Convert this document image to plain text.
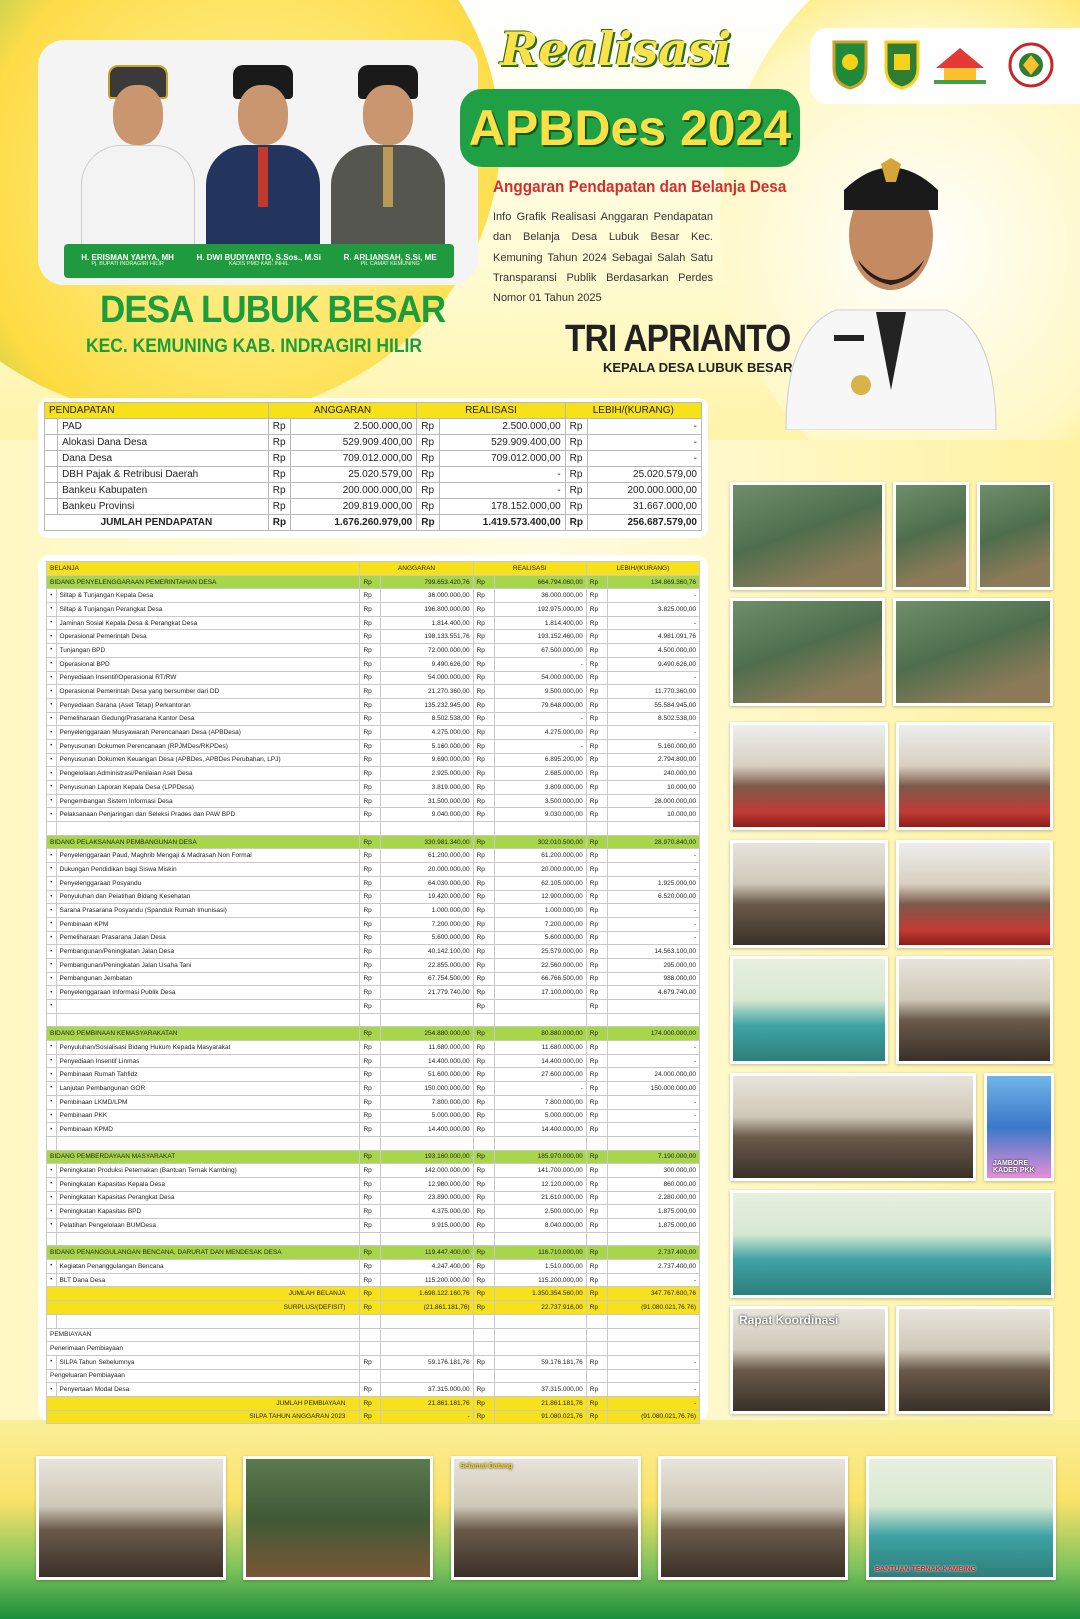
H. ERISMAN YAHYA, MH
Pj. BUPATI INDRAGIRI HILIR
H. DWI BUDIYANTO, S.Sos., M.Si
KADIS PMD KAB. INHIL
R. ARLIANSAH, S.Si, ME
Plt. CAMAT KEMUNING
DESA LUBUK BESAR
KEC. KEMUNING KAB. INDRAGIRI HILIR
Realisasi
APBDes 2024
Anggaran Pendapatan dan Belanja Desa
Info Grafik Realisasi Anggaran Pendapatan dan Belanja Desa Lubuk Besar Kec. Kemuning Tahun 2024 Sebagai Salah Satu Transparansi Publik Berdasarkan Perdes Nomor 01 Tahun 2025
TRI APRIANTO
KEPALA DESA LUBUK BESAR
PENDAPATAN		ANGGARAN		REALISASI		LEBIH/(KURANG)	
	PAD	Rp	2.500.000,00	Rp	2.500.000,00	Rp	-
	Alokasi Dana Desa	Rp	529.909.400,00	Rp	529.909.400,00	Rp	-
	Dana Desa	Rp	709.012.000,00	Rp	709.012.000,00	Rp	-
	DBH Pajak & Retribusi Daerah	Rp	25.020.579,00	Rp	-	Rp	25.020.579,00
	Bankeu Kabupaten	Rp	200.000.000,00	Rp	-	Rp	200.000.000,00
	Bankeu Provinsi	Rp	209.819.000,00	Rp	178.152.000,00	Rp	31.667.000,00
JUMLAH PENDAPATAN		Rp	1.676.260.979,00	Rp	1.419.573.400,00	Rp	256.687.579,00
BELANJA		ANGGARAN		REALISASI		LEBIH/(KURANG)	
BIDANG PENYELENGGARAAN PEMERINTAHAN DESA		Rp	799.653.420,76	Rp	664.794.060,00	Rp	134.869.360,76
•	Siltap & Tunjangan Kepala Desa	Rp	36.000.000,00	Rp	36.000.000,00	Rp	-
•	Siltap & Tunjangan Perangkat Desa	Rp	196.800.000,00	Rp	192.975.000,00	Rp	3.825.000,00
•	Jaminan Sosial Kepala Desa & Perangkat Desa	Rp	1.814.400,00	Rp	1.814.400,00	Rp	-
•	Operasional Pemerintah Desa	Rp	198.133.551,76	Rp	193.152.460,00	Rp	4.981.091,76
•	Tunjangan BPD	Rp	72.000.000,00	Rp	67.500.000,00	Rp	4.500.000,00
•	Operasional BPD	Rp	9.490.626,00	Rp	-	Rp	9.490.626,00
•	Penyediaan Insentif/Operasional RT/RW	Rp	54.000.000,00	Rp	54.000.000,00	Rp	-
•	Operasional Pemerintah Desa yang bersumber dari DD	Rp	21.270.360,00	Rp	9.500.000,00	Rp	11.770.360,00
•	Penyediaan Sarana (Aset Tetap) Perkantoran	Rp	135.232.945,00	Rp	79.648.000,00	Rp	55.584.945,00
•	Pemeliharaan Gedung/Prasarana Kantor Desa	Rp	8.502.538,00	Rp	-	Rp	8.502.538,00
•	Penyelenggaraan Musyawarah Perencanaan Desa (APBDesa)	Rp	4.275.000,00	Rp	4.275.000,00	Rp	-
•	Penyusunan Dokumen Perencanaan (RPJMDes/RKPDes)	Rp	5.160.000,00	Rp	-	Rp	5.160.000,00
•	Penyusunan Dokumen Keuangan Desa (APBDes, APBDes Perubahan, LPJ)	Rp	9.690.000,00	Rp	6.895.200,00	Rp	2.794.800,00
•	Pengelolaan Administrasi/Penilaian Aset Desa	Rp	2.925.000,00	Rp	2.685.000,00	Rp	240.000,00
•	Penyusunan Laporan Kepala Desa (LPPDesa)	Rp	3.819.000,00	Rp	3.809.000,00	Rp	10.000,00
•	Pengembangan Sistem Informasi Desa	Rp	31.500.000,00	Rp	3.500.000,00	Rp	28.000.000,00
•	Pelaksanaan Penjaringan dan Seleksi Prades dan PAW BPD	Rp	9.040.000,00	Rp	9.030.000,00	Rp	10.000,00

BIDANG PELAKSANAAN PEMBANGUNAN DESA		Rp	330.981.340,00	Rp	302.010.500,00	Rp	28.970.840,00
•	Penyelenggaraan Paud, Maghrib Mengaji & Madrasah Non Formal	Rp	61.200.000,00	Rp	61.200.000,00	Rp	-
•	Dukungan Pendidikan bagi Siswa Miskin	Rp	20.000.000,00	Rp	20.000.000,00	Rp	-
•	Penyelenggaraan Posyandu	Rp	64.030.000,00	Rp	62.105.000,00	Rp	1.925.000,00
•	Penyuluhan dan Pelatihan Bidang Kesehatan	Rp	19.420.000,00	Rp	12.900.000,00	Rp	6.520.000,00
•	Sarana Prasarana Posyandu (Spanduk Rumah Imunisasi)	Rp	1.000.000,00	Rp	1.000.000,00	Rp	-
•	Pembinaan KPM	Rp	7.200.000,00	Rp	7.200.000,00	Rp	-
•	Pemeliharaan Prasarana Jalan Desa	Rp	5.600.000,00	Rp	5.600.000,00	Rp	-
•	Pembangunan/Peningkatan Jalan Desa	Rp	40.142.100,00	Rp	25.579.000,00	Rp	14.563.100,00
•	Pembangunan/Peningkatan Jalan Usaha Tani	Rp	22.855.000,00	Rp	22.560.000,00	Rp	295.000,00
•	Pembangunan Jembatan	Rp	67.754.500,00	Rp	66.766.500,00	Rp	988.000,00
•	Penyelenggaraan Informasi Publik Desa	Rp	21.779.740,00	Rp	17.100.000,00	Rp	4.679.740,00
•		Rp		Rp		Rp	

BIDANG PEMBINAAN KEMASYARAKATAN		Rp	254.880.000,00	Rp	80.880.000,00	Rp	174.000.000,00
•	Penyuluhan/Sosialisasi Bidang Hukum Kepada Masyarakat	Rp	11.680.000,00	Rp	11.680.000,00	Rp	-
•	Penyediaan Insentif Linmas	Rp	14.400.000,00	Rp	14.400.000,00	Rp	-
•	Pembinaan Rumah Tahfidz	Rp	51.600.000,00	Rp	27.600.000,00	Rp	24.000.000,00
•	Lanjutan Pembangunan GOR	Rp	150.000.000,00	Rp	-	Rp	150.000.000,00
•	Pembinaan LKMD/LPM	Rp	7.800.000,00	Rp	7.800.000,00	Rp	-
•	Pembinaan PKK	Rp	5.000.000,00	Rp	5.000.000,00	Rp	-
•	Pembinaan KPMD	Rp	14.400.000,00	Rp	14.400.000,00	Rp	-

BIDANG PEMBERDAYAAN MASYARAKAT		Rp	193.160.000,00	Rp	185.970.000,00	Rp	7.190.000,00
•	Peningkatan Produksi Peternakan (Bantuan Ternak Kambing)	Rp	142.000.000,00	Rp	141.700.000,00	Rp	300.000,00
•	Peningkatan Kapasitas Kepala Desa	Rp	12.980.000,00	Rp	12.120.000,00	Rp	860.000,00
•	Peningkatan Kapasitas Perangkat Desa	Rp	23.890.000,00	Rp	21.610.000,00	Rp	2.280.000,00
•	Peningkatan Kapasitas BPD	Rp	4.375.000,00	Rp	2.500.000,00	Rp	1.875.000,00
•	Pelatihan Pengelolaan BUMDesa	Rp	9.915.000,00	Rp	8.040.000,00	Rp	1.875.000,00

BIDANG PENANGGULANGAN BENCANA, DARURAT DAN MENDESAK DESA		Rp	119.447.400,00	Rp	116.710.000,00	Rp	2.737.400,00
•	Kegiatan Penanggulangan Bencana	Rp	4.247.400,00	Rp	1.510.000,00	Rp	2.737.400,00
•	BLT Dana Desa	Rp	115.200.000,00	Rp	115.200.000,00	Rp	-
JUMLAH BELANJA		Rp	1.698.122.160,76	Rp	1.350.354.560,00	Rp	347.767.600,76
SURPLUS/(DEFISIT)		Rp	(21.861.181,76)	Rp	22.737.916,00	Rp	(91.080.021,76.76)

PEMBIAYAAN							
Penerimaan Pembiayaan							
•	SILPA Tahun Sebelumnya	Rp	59.176.181,76	Rp	59.176.181,76	Rp	-
Pengeluaran Pembiayaan							
•	Penyertaan Modal Desa	Rp	37.315.000,00	Rp	37.315.000,00	Rp	-
JUMLAH PEMBIAYAAN		Rp	21.861.181,76	Rp	21.861.181,76	Rp	-
SILPA TAHUN ANGGARAN 2023		Rp	-	Rp	91.080.021,76	Rp	(91.080.021,76.76)
JAMBORE KADER PKK
Rapat Koordinasi
Selamat Datang
BANTUAN TERNAK KAMBING
